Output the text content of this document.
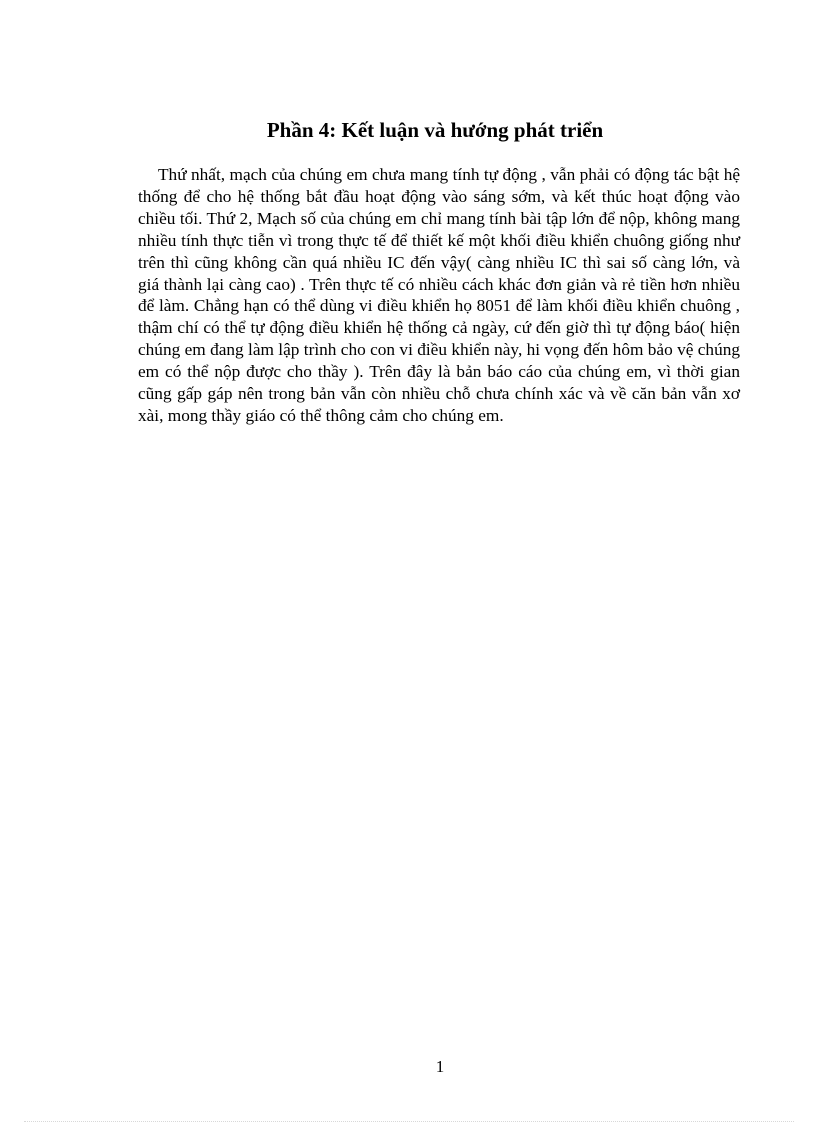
Phần 4: Kết luận và hướng phát triển

Thứ nhất, mạch của chúng em chưa mang tính tự động , vẫn phải có động tác bật hệ thống để cho hệ thống bắt đầu hoạt động vào sáng sớm, và kết thúc hoạt động vào chiều tối. Thứ 2, Mạch số của chúng em chỉ mang tính bài tập lớn để nộp, không mang nhiều tính thực tiễn vì trong thực tế để thiết kế một khối điều khiển chuông giống như trên thì cũng không cần quá nhiều IC đến vậy( càng nhiều IC thì sai số càng lớn, và giá thành lại càng cao) . Trên thực tế có nhiều cách khác đơn giản và rẻ tiền hơn nhiều để làm. Chẳng hạn có thể dùng vi điều khiển họ 8051 để làm khối điều khiển chuông , thậm chí có thể tự động điều khiển hệ thống cả ngày, cứ đến giờ thì tự động báo( hiện chúng em đang làm lập trình cho con vi điều khiển này, hi vọng đến hôm bảo vệ chúng em có thể nộp được cho thầy ). Trên đây là bản báo cáo của chúng em, vì thời gian cũng gấp gáp nên trong bản vẫn còn nhiều chỗ chưa chính xác và về căn bản vẫn xơ xài, mong thầy giáo có thể thông cảm cho chúng em.

1
